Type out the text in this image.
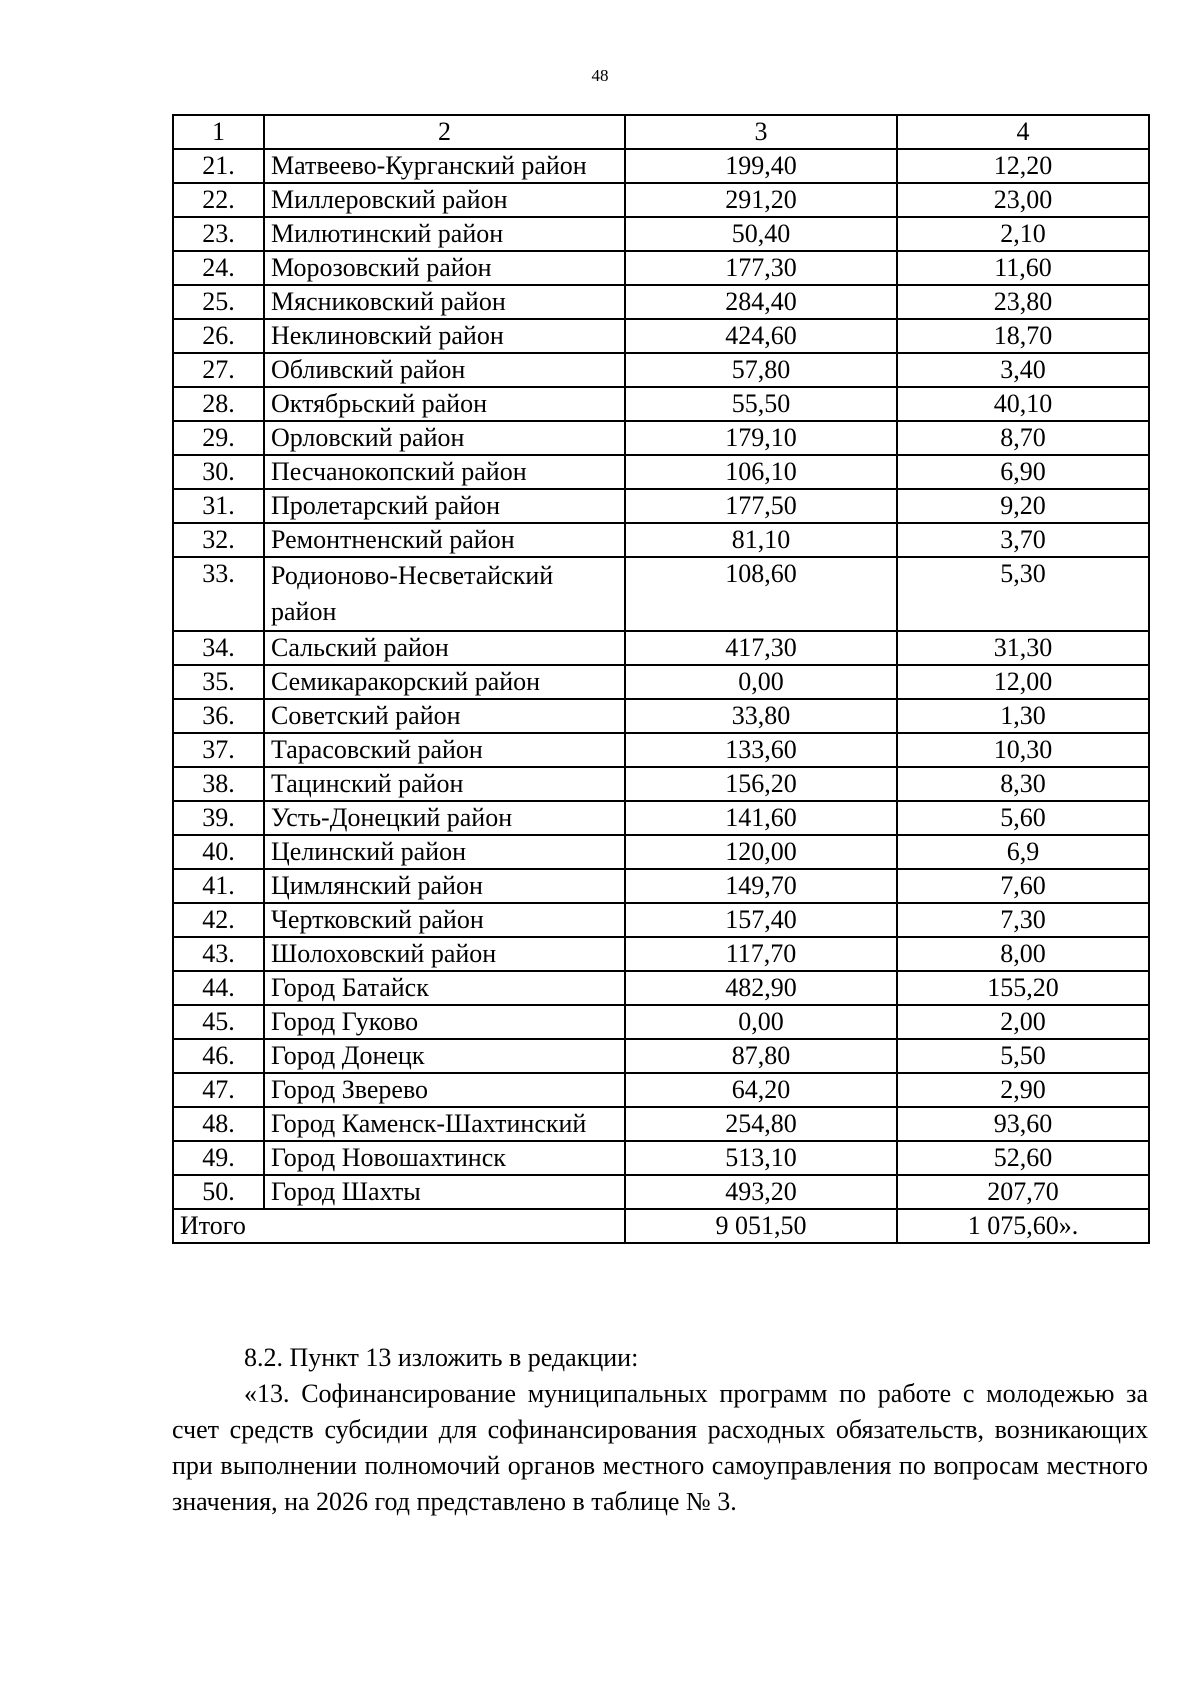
48
1	2	3	4
21.	Матвеево-Курганский район	199,40	12,20
22.	Миллеровский район	291,20	23,00
23.	Милютинский район	50,40	2,10
24.	Морозовский район	177,30	11,60
25.	Мясниковский район	284,40	23,80
26.	Неклиновский район	424,60	18,70
27.	Обливский район	57,80	3,40
28.	Октябрьский район	55,50	40,10
29.	Орловский район	179,10	8,70
30.	Песчанокопский район	106,10	6,90
31.	Пролетарский район	177,50	9,20
32.	Ремонтненский район	81,10	3,70
33.	Родионово-Несветайский район	108,60	5,30
34.	Сальский район	417,30	31,30
35.	Семикаракорский район	0,00	12,00
36.	Советский район	33,80	1,30
37.	Тарасовский район	133,60	10,30
38.	Тацинский район	156,20	8,30
39.	Усть-Донецкий район	141,60	5,60
40.	Целинский район	120,00	6,9
41.	Цимлянский район	149,70	7,60
42.	Чертковский район	157,40	7,30
43.	Шолоховский район	117,70	8,00
44.	Город Батайск	482,90	155,20
45.	Город Гуково	0,00	2,00
46.	Город Донецк	87,80	5,50
47.	Город Зверево	64,20	2,90
48.	Город Каменск-Шахтинский	254,80	93,60
49.	Город Новошахтинск	513,10	52,60
50.	Город Шахты	493,20	207,70
Итого		9 051,50	1 075,60».
8.2. Пункт 13 изложить в редакции:
«13. Софинансирование муниципальных программ по работе с молодежью за счет средств субсидии для софинансирования расходных обязательств, возникающих при выполнении полномочий органов местного самоуправления по вопросам местного значения, на 2026 год представлено в таблице № 3.
